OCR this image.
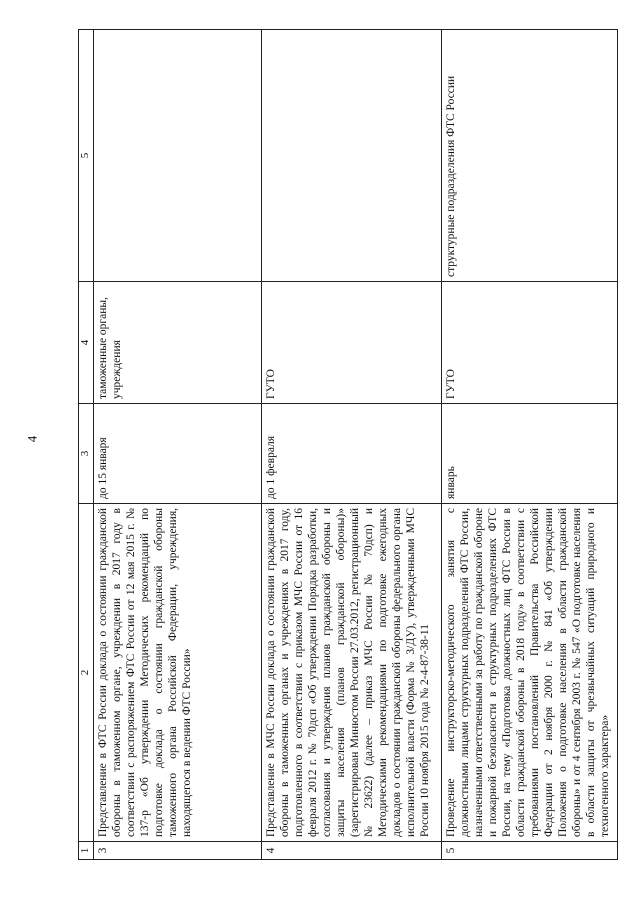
4
1	2	3	4	5
3	Представление в ФТС России доклада о состоянии гражданской обороны в таможенном органе, учреждении в 2017 году в соответствии с распоряжением ФТС России от 12 мая 2015 г. № 137-р «Об утверждении Методических рекомендаций по подготовке доклада о состоянии гражданской обороны таможенного органа Российской Федерации, учреждения, находящегося в ведении ФТС России»	до 15 января	таможенные органы, учреждения	
4	Представление в МЧС России доклада о состоянии гражданской обороны в таможенных органах и учреждениях в 2017 году, подготовленного в соответствии с приказом МЧС России от 16 февраля 2012 г. № 70дсп «Об утверждении Порядка разработки, согласования и утверждения планов гражданской обороны и защиты населения (планов гражданской обороны)» (зарегистрирован Минюстом России 27.03.2012, регистрационный № 23622) (далее – приказ МЧС России № 70дсп) и Методическими рекомендациями по подготовке ежегодных докладов о состоянии гражданской обороны федерального органа исполнительной власти (Форма № 3/ДУ), утвержденными МЧС России 10 ноября 2015 года № 2-4-87-38-11	до 1 февраля	ГУТО	
5	Проведение инструкторско-методического занятия с должностными лицами структурных подразделений ФТС России, назначенными ответственными за работу по гражданской обороне и пожарной безопасности в структурных подразделениях ФТС России, на тему «Подготовка должностных лиц ФТС России в области гражданской обороны в 2018 году» в соответствии с требованиями постановлений Правительства Российской Федерации от 2 ноября 2000 г. № 841 «Об утверждении Положения о подготовке населения в области гражданской обороны» и от 4 сентября 2003 г. № 547 «О подготовке населения в области защиты от чрезвычайных ситуаций природного и техногенного характера»	январь	ГУТО	структурные подразделения ФТС России
